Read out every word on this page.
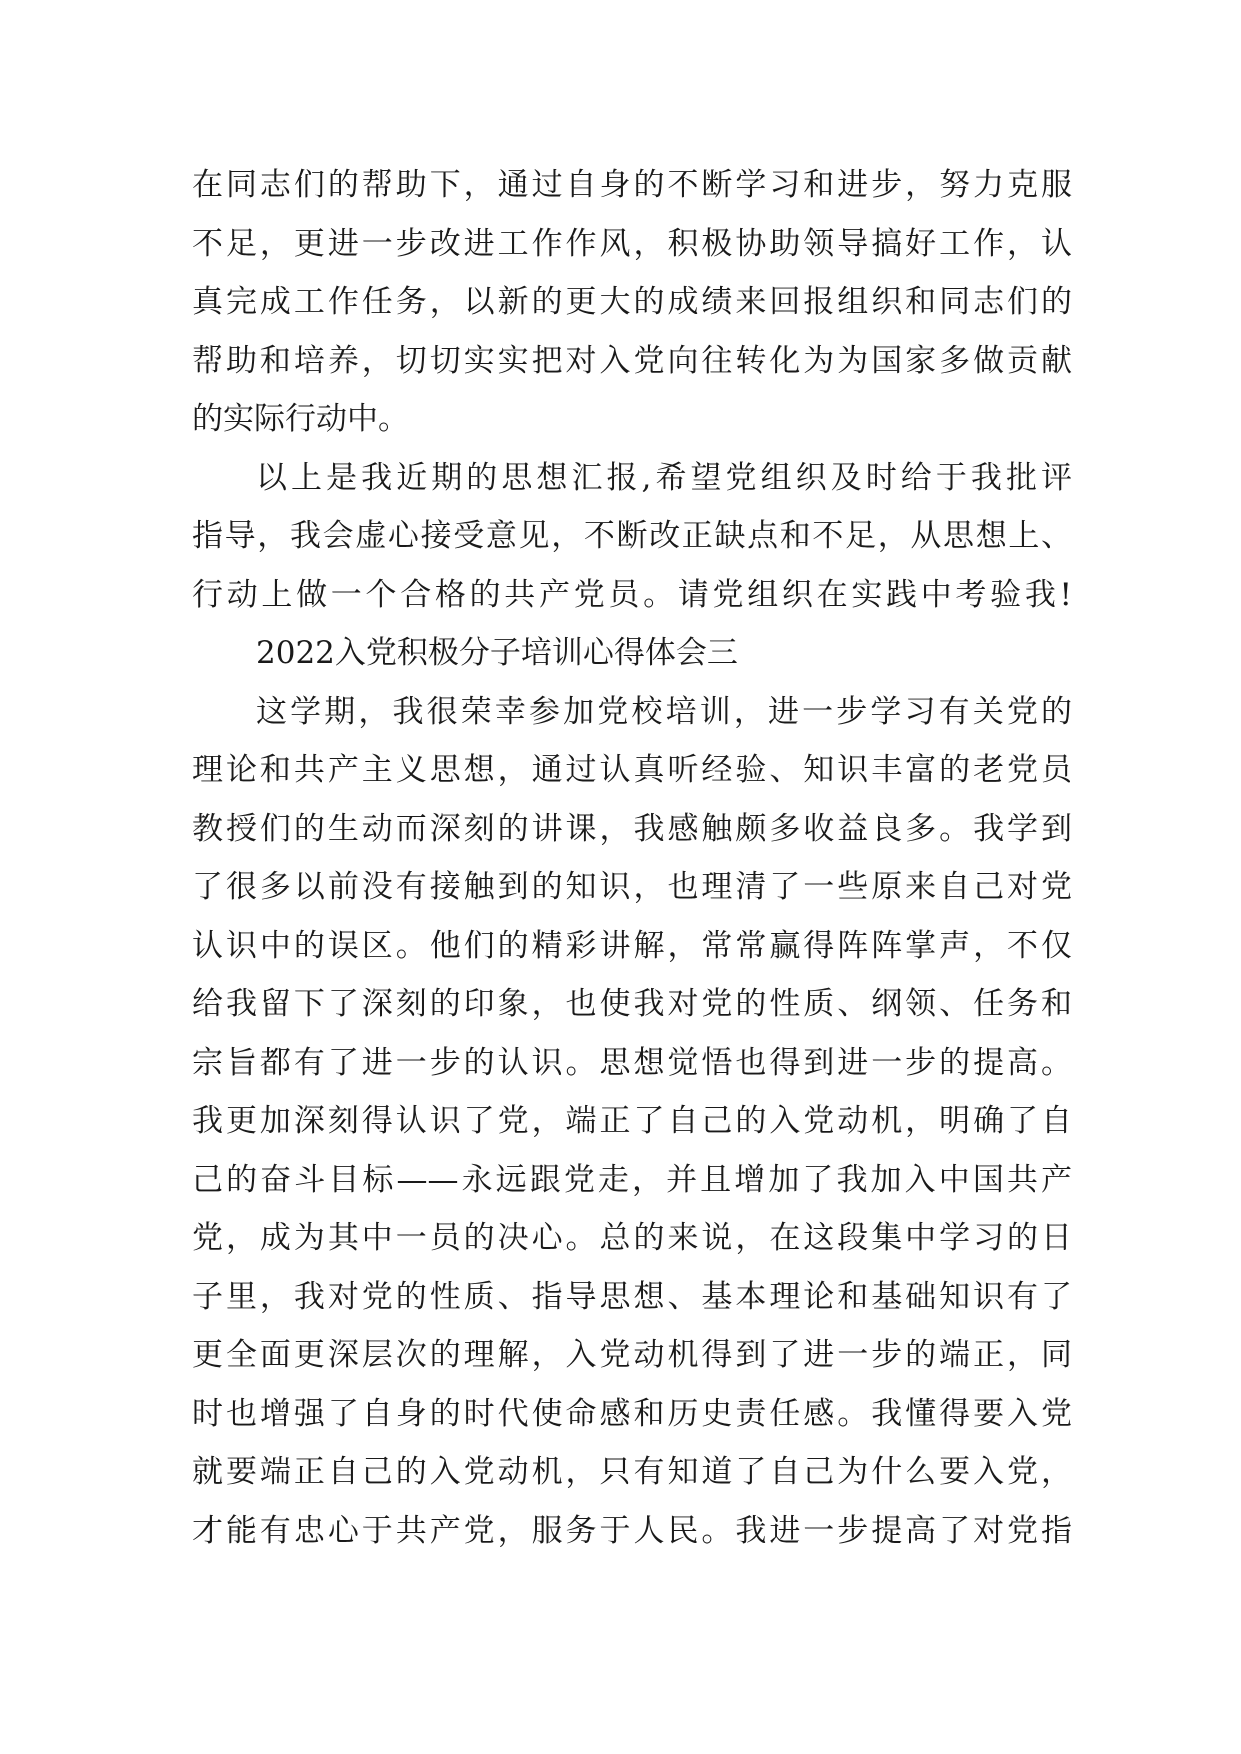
在同志们的帮助下，通过自身的不断学习和进步，努力克服
不足，更进一步改进工作作风，积极协助领导搞好工作，认
真完成工作任务，以新的更大的成绩来回报组织和同志们的
帮助和培养，切切实实把对入党向往转化为为国家多做贡献
的实际行动中。
以上是我近期的思想汇报,希望党组织及时给于我批评
指导，我会虚心接受意见，不断改正缺点和不足，从思想上、
行动上做一个合格的共产党员。请党组织在实践中考验我!
2022入党积极分子培训心得体会三
这学期，我很荣幸参加党校培训，进一步学习有关党的
理论和共产主义思想，通过认真听经验、知识丰富的老党员
教授们的生动而深刻的讲课，我感触颇多收益良多。我学到
了很多以前没有接触到的知识，也理清了一些原来自己对党
认识中的误区。他们的精彩讲解，常常赢得阵阵掌声，不仅
给我留下了深刻的印象，也使我对党的性质、纲领、任务和
宗旨都有了进一步的认识。思想觉悟也得到进一步的提高。
我更加深刻得认识了党，端正了自己的入党动机，明确了自
己的奋斗目标——永远跟党走，并且增加了我加入中国共产
党，成为其中一员的决心。总的来说，在这段集中学习的日
子里，我对党的性质、指导思想、基本理论和基础知识有了
更全面更深层次的理解，入党动机得到了进一步的端正，同
时也增强了自身的时代使命感和历史责任感。我懂得要入党
就要端正自己的入党动机，只有知道了自己为什么要入党，
才能有忠心于共产党，服务于人民。我进一步提高了对党指
